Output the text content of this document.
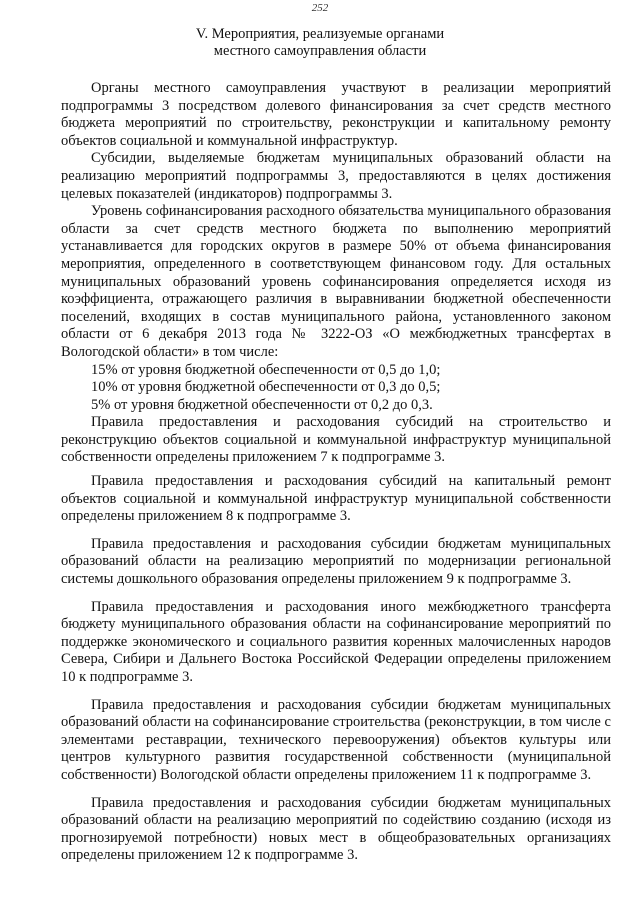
252
V. Мероприятия, реализуемые органами
местного самоуправления области

Органы местного самоуправления участвуют в реализации мероприятий подпрограммы 3 посредством долевого финансирования за счет средств местного бюджета мероприятий по строительству, реконструкции и капитальному ремонту объектов социальной и коммунальной инфраструктур.

Субсидии, выделяемые бюджетам муниципальных образований области на реализацию мероприятий подпрограммы 3, предоставляются в целях достижения целевых показателей (индикаторов) подпрограммы 3.

Уровень софинансирования расходного обязательства муниципального образования области за счет средств местного бюджета по выполнению мероприятий устанавливается для городских округов в размере 50% от объема финансирования мероприятия, определенного в соответствующем финансовом году. Для остальных муниципальных образований уровень софинансирования определяется исходя из коэффициента, отражающего различия в выравнивании бюджетной обеспеченности поселений, входящих в состав муниципального района, установленного законом области от 6 декабря 2013 года № 3222-ОЗ «О межбюджетных трансфертах в Вологодской области» в том числе:

15% от уровня бюджетной обеспеченности от 0,5 до 1,0;

10% от уровня бюджетной обеспеченности от 0,3 до 0,5;

5% от уровня бюджетной обеспеченности от 0,2 до 0,3.

Правила предоставления и расходования субсидий на строительство и реконструкцию объектов социальной и коммунальной инфраструктур муниципальной собственности определены приложением 7 к подпрограмме 3.

Правила предоставления и расходования субсидий на капитальный ремонт объектов социальной и коммунальной инфраструктур муниципальной собственности определены приложением 8 к подпрограмме 3.

Правила предоставления и расходования субсидии бюджетам муниципальных образований области на реализацию мероприятий по модернизации региональной системы дошкольного образования определены приложением 9 к подпрограмме 3.

Правила предоставления и расходования иного межбюджетного трансферта бюджету муниципального образования области на софинансирование мероприятий по поддержке экономического и социального развития коренных малочисленных народов Севера, Сибири и Дальнего Востока Российской Федерации определены приложением 10 к подпрограмме 3.

Правила предоставления и расходования субсидии бюджетам муниципальных образований области на софинансирование строительства (реконструкции, в том числе с элементами реставрации, технического перевооружения) объектов культуры или центров культурного развития государственной собственности (муниципальной собственности) Вологодской области определены приложением 11 к подпрограмме 3.

Правила предоставления и расходования субсидии бюджетам муниципальных образований области на реализацию мероприятий по содействию созданию (исходя из прогнозируемой потребности) новых мест в общеобразовательных организациях определены приложением 12 к подпрограмме 3.
